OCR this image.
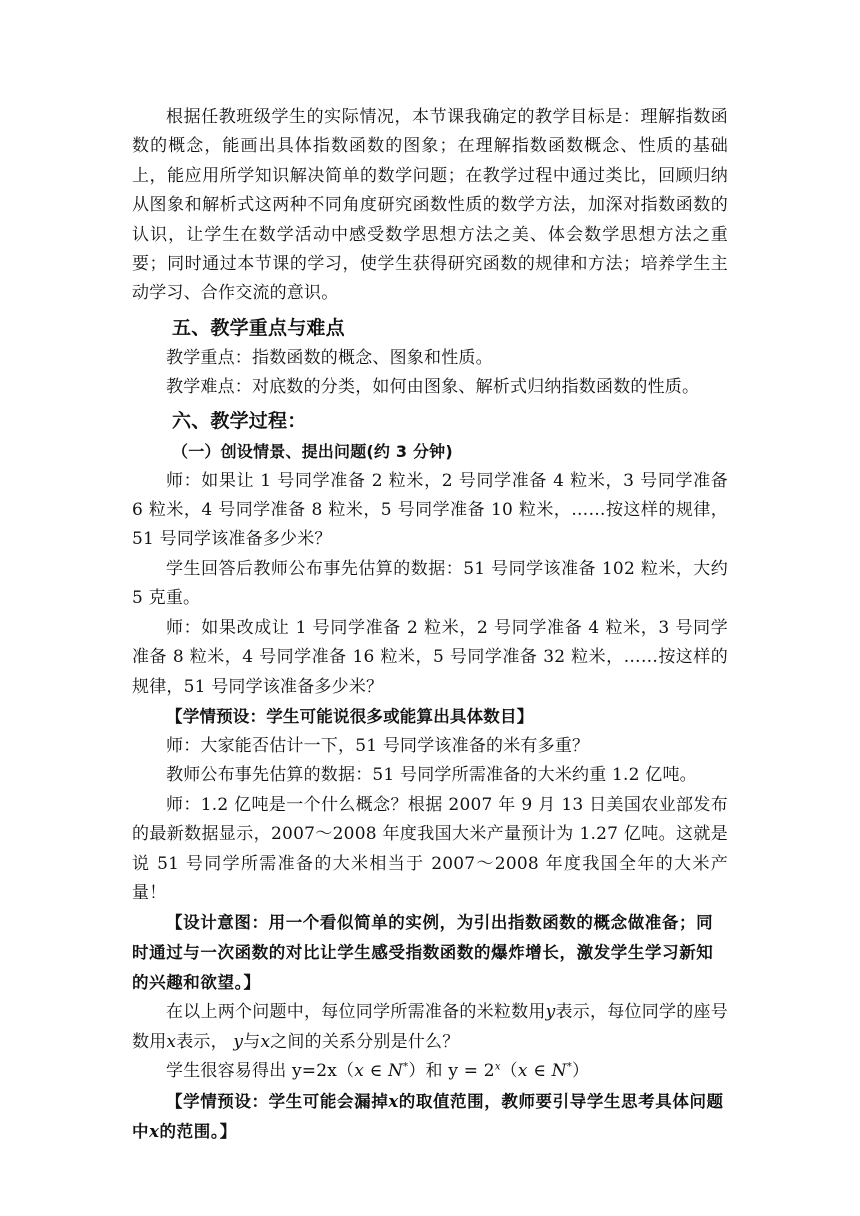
根据任教班级学生的实际情况，本节课我确定的教学目标是：理解指数函数的概念，能画出具体指数函数的图象；在理解指数函数概念、性质的基础上，能应用所学知识解决简单的数学问题；在教学过程中通过类比，回顾归纳从图象和解析式这两种不同角度研究函数性质的数学方法，加深对指数函数的认识，让学生在数学活动中感受数学思想方法之美、体会数学思想方法之重要；同时通过本节课的学习，使学生获得研究函数的规律和方法；培养学生主动学习、合作交流的意识。

五、教学重点与难点

教学重点：指数函数的概念、图象和性质。

教学难点：对底数的分类，如何由图象、解析式归纳指数函数的性质。

六、教学过程：

（一）创设情景、提出问题(约 3 分钟)

师：如果让 1 号同学准备 2 粒米，2 号同学准备 4 粒米，3 号同学准备 6 粒米，4 号同学准备 8 粒米，5 号同学准备 10 粒米，……按这样的规律，51 号同学该准备多少米？

学生回答后教师公布事先估算的数据：51 号同学该准备 102 粒米，大约 5 克重。

师：如果改成让 1 号同学准备 2 粒米，2 号同学准备 4 粒米，3 号同学准备 8 粒米，4 号同学准备 16 粒米，5 号同学准备 32 粒米，……按这样的规律，51 号同学该准备多少米？

【学情预设：学生可能说很多或能算出具体数目】

师：大家能否估计一下，51 号同学该准备的米有多重？

教师公布事先估算的数据：51 号同学所需准备的大米约重 1.2 亿吨。

师：1.2 亿吨是一个什么概念？根据 2007 年 9 月 13 日美国农业部发布的最新数据显示，2007～2008 年度我国大米产量预计为 1.27 亿吨。这就是说 51 号同学所需准备的大米相当于 2007～2008 年度我国全年的大米产量！

【设计意图：用一个看似简单的实例，为引出指数函数的概念做准备；同时通过与一次函数的对比让学生感受指数函数的爆炸增长，激发学生学习新知的兴趣和欲望。】

在以上两个问题中，每位同学所需准备的米粒数用y表示，每位同学的座号数用x表示， y与x之间的关系分别是什么？

学生很容易得出 y=2x（x ∈ N*）和 $y = 2^x(x$ ∈ N*）

【学情预设：学生可能会漏掉x的取值范围，教师要引导学生思考具体问题中x的范围。】
